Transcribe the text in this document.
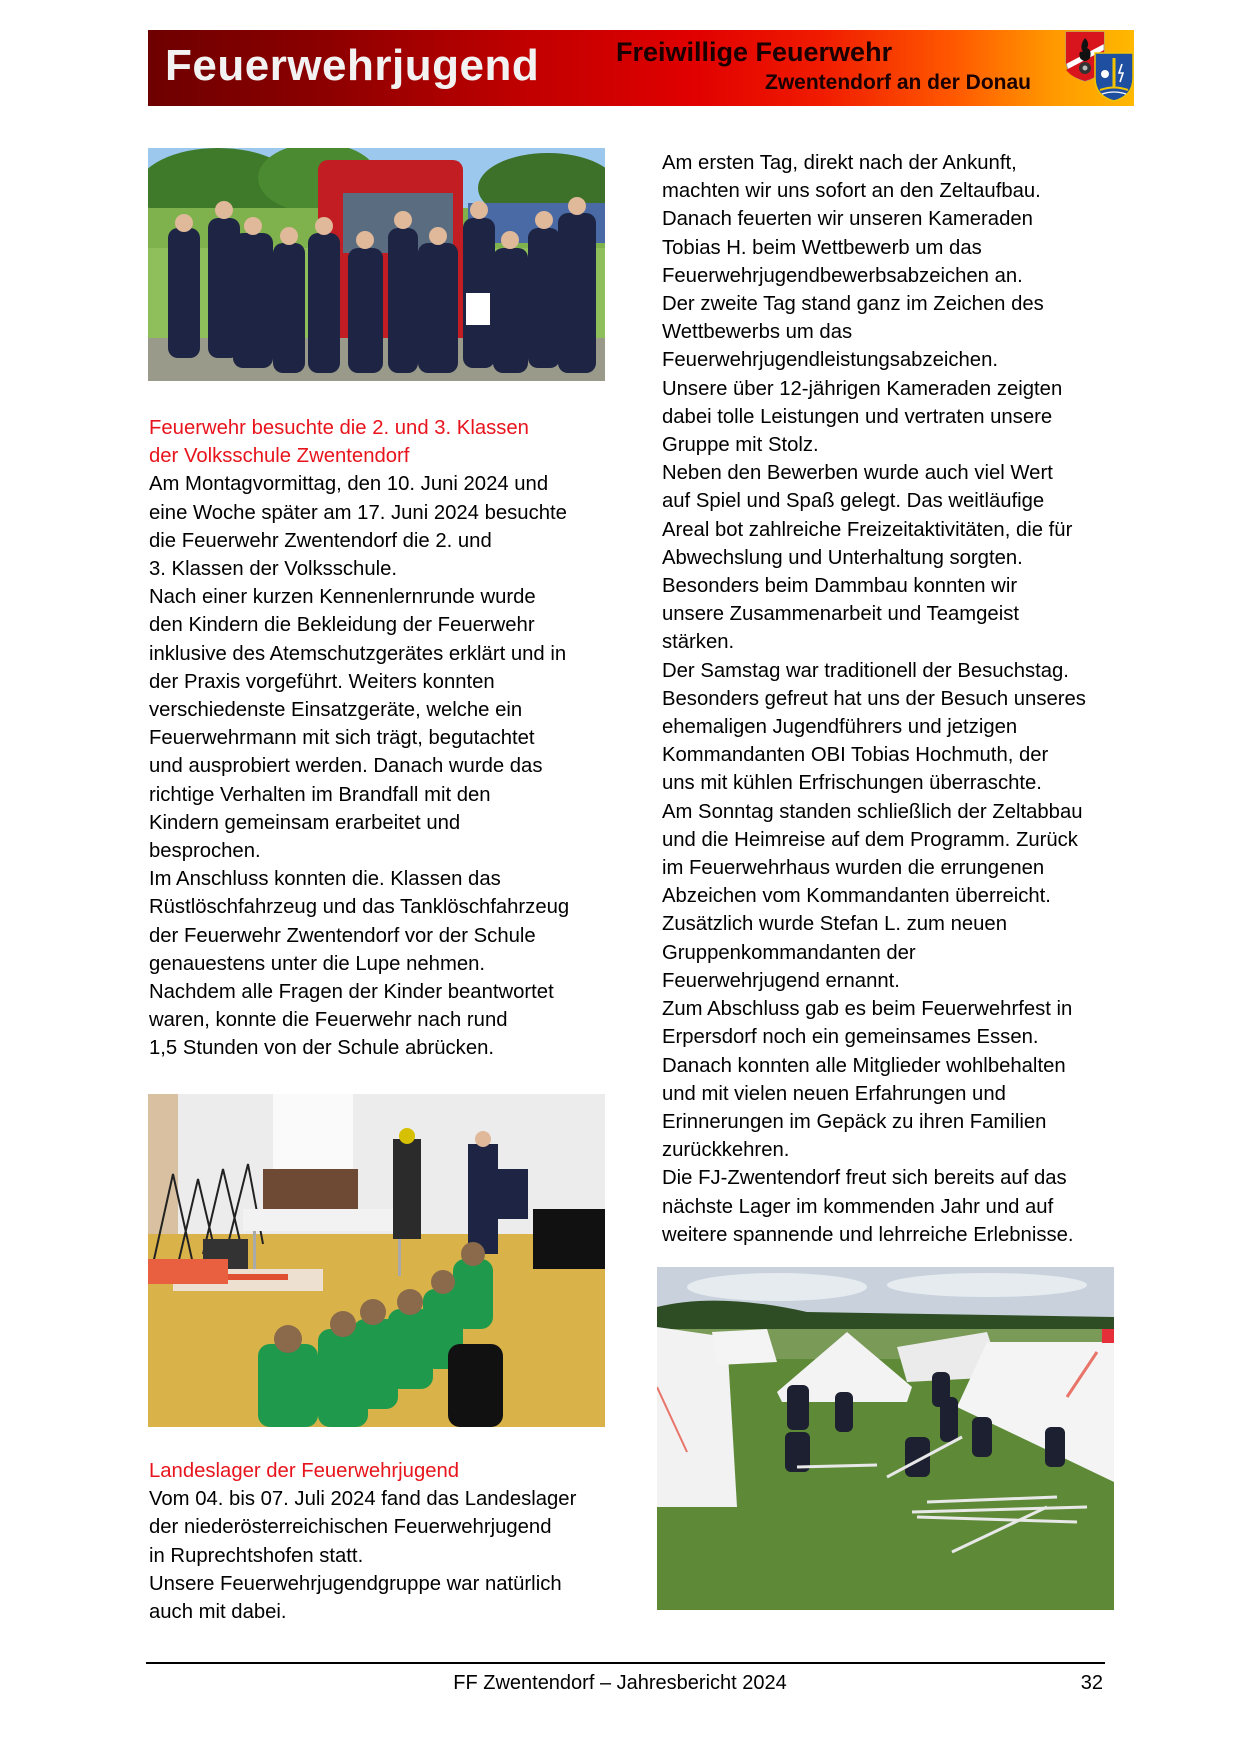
Feuerwehrjugend	Freiwillige Feuerwehr
Zwentendorf an der Donau
Feuerwehr besuchte die 2. und 3. Klassen
der Volksschule Zwentendorf
Am Montagvormittag, den 10. Juni 2024 und
eine Woche später am 17. Juni 2024 besuchte
die Feuerwehr Zwentendorf die 2. und
3. Klassen der Volksschule.
Nach einer kurzen Kennenlernrunde wurde
den Kindern die Bekleidung der Feuerwehr
inklusive des Atemschutzgerätes erklärt und in
der Praxis vorgeführt. Weiters konnten
verschiedenste Einsatzgeräte, welche ein
Feuerwehrmann mit sich trägt, begutachtet
und ausprobiert werden. Danach wurde das
richtige Verhalten im Brandfall mit den
Kindern gemeinsam erarbeitet und
besprochen.
Im Anschluss konnten die. Klassen das
Rüstlöschfahrzeug und das Tanklöschfahrzeug
der Feuerwehr Zwentendorf vor der Schule
genauestens unter die Lupe nehmen.
Nachdem alle Fragen der Kinder beantwortet
waren, konnte die Feuerwehr nach rund
1,5 Stunden von der Schule abrücken.
Landeslager der Feuerwehrjugend
Vom 04. bis 07. Juli 2024 fand das Landeslager
der niederösterreichischen Feuerwehrjugend
in Ruprechtshofen statt.
Unsere Feuerwehrjugendgruppe war natürlich
auch mit dabei.
Am ersten Tag, direkt nach der Ankunft,
machten wir uns sofort an den Zeltaufbau.
Danach feuerten wir unseren Kameraden
Tobias H. beim Wettbewerb um das
Feuerwehrjugendbewerbsabzeichen an.
Der zweite Tag stand ganz im Zeichen des
Wettbewerbs um das
Feuerwehrjugendleistungsabzeichen.
Unsere über 12-jährigen Kameraden zeigten
dabei tolle Leistungen und vertraten unsere
Gruppe mit Stolz.
Neben den Bewerben wurde auch viel Wert
auf Spiel und Spaß gelegt. Das weitläufige
Areal bot zahlreiche Freizeitaktivitäten, die für
Abwechslung und Unterhaltung sorgten.
Besonders beim Dammbau konnten wir
unsere Zusammenarbeit und Teamgeist
stärken.
Der Samstag war traditionell der Besuchstag.
Besonders gefreut hat uns der Besuch unseres
ehemaligen Jugendführers und jetzigen
Kommandanten OBI Tobias Hochmuth, der
uns mit kühlen Erfrischungen überraschte.
Am Sonntag standen schließlich der Zeltabbau
und die Heimreise auf dem Programm. Zurück
im Feuerwehrhaus wurden die errungenen
Abzeichen vom Kommandanten überreicht.
Zusätzlich wurde Stefan L. zum neuen
Gruppenkommandanten der
Feuerwehrjugend ernannt.
Zum Abschluss gab es beim Feuerwehrfest in
Erpersdorf noch ein gemeinsames Essen.
Danach konnten alle Mitglieder wohlbehalten
und mit vielen neuen Erfahrungen und
Erinnerungen im Gepäck zu ihren Familien
zurückkehren.
Die FJ-Zwentendorf freut sich bereits auf das
nächste Lager im kommenden Jahr und auf
weitere spannende und lehrreiche Erlebnisse.
FF Zwentendorf – Jahresbericht 2024	32
